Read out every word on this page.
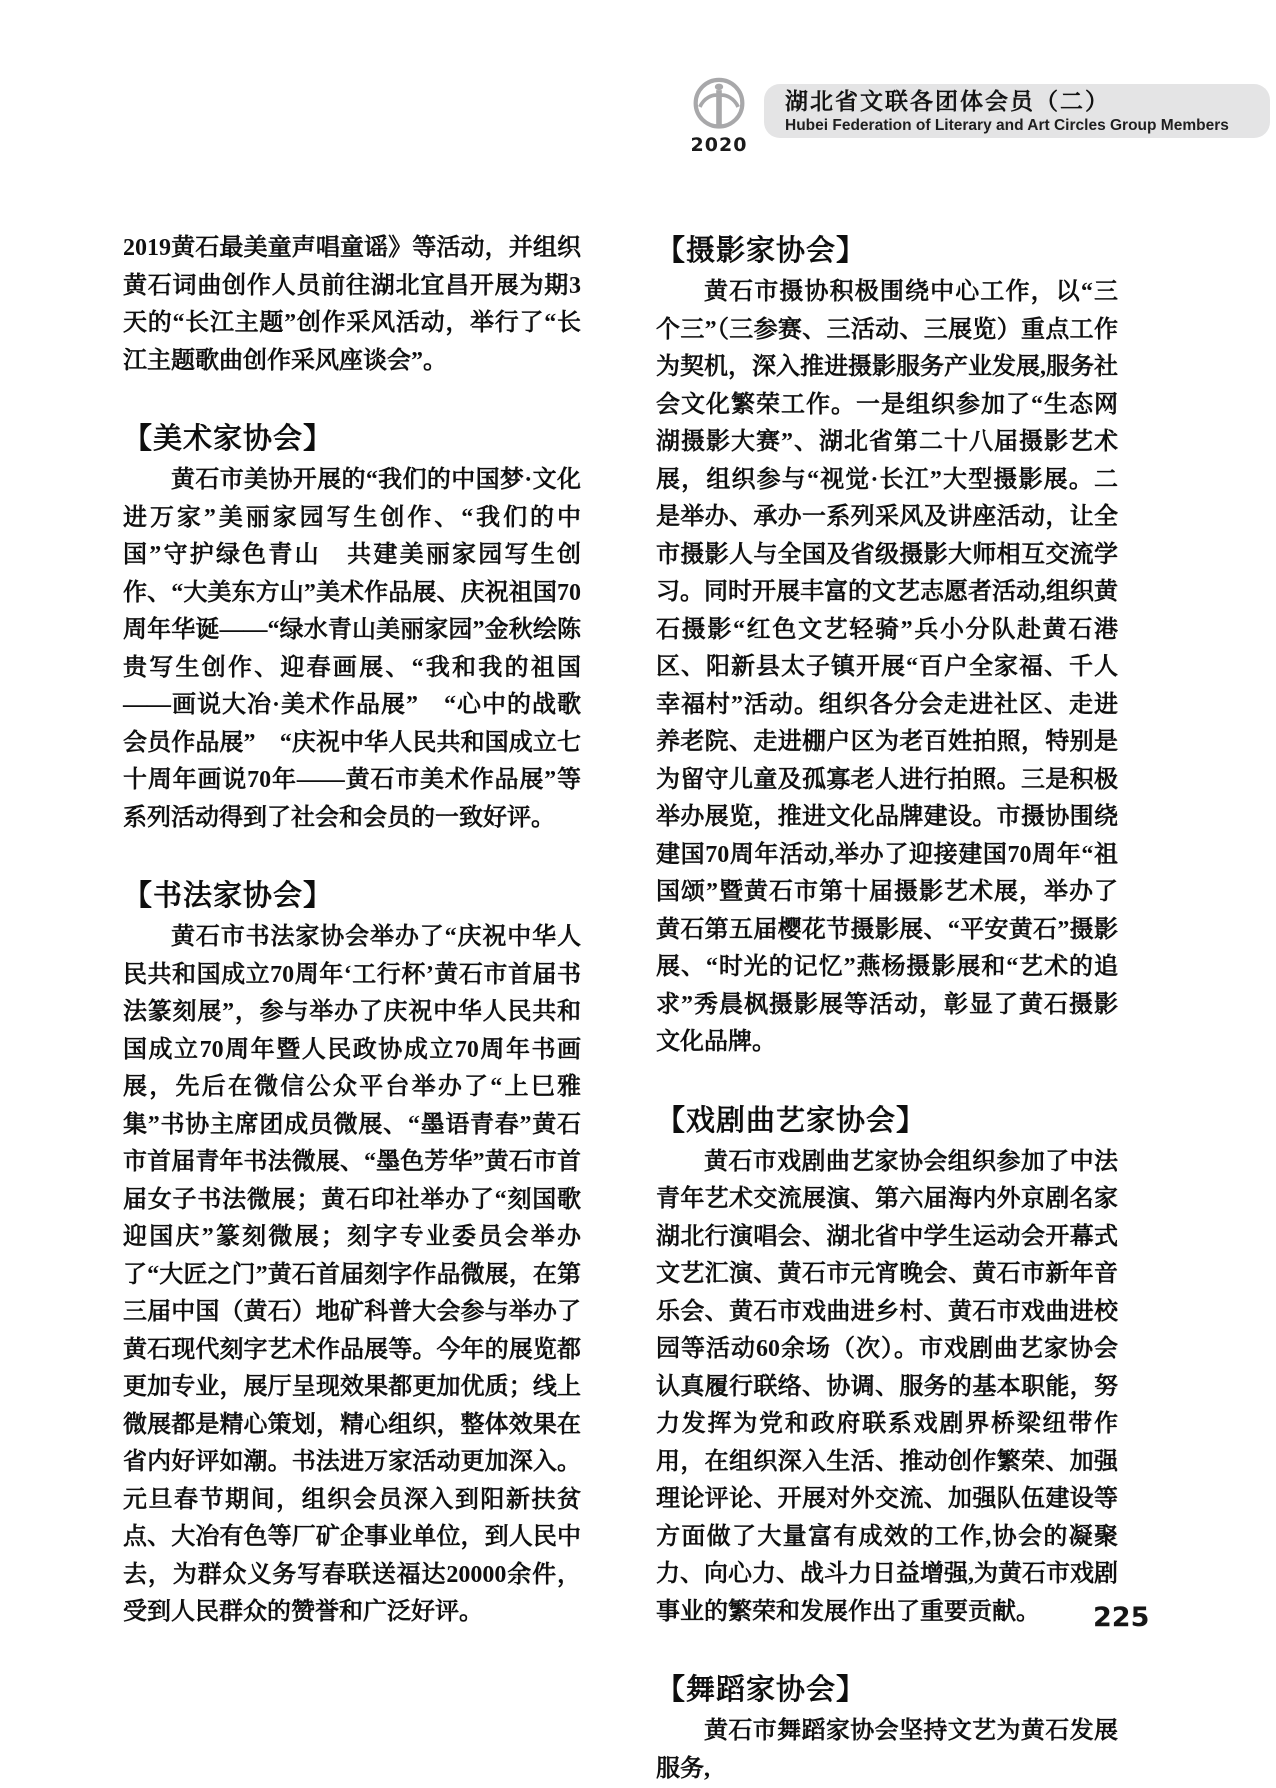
2020
湖北省文联各团体会员（二）
Hubei Federation of Literary and Art Circles Group Members

2019黄石最美童声唱童谣》等活动，并组织黄石词曲创作人员前往湖北宜昌开展为期3天的“长江主题”创作采风活动，举行了“长江主题歌曲创作采风座谈会”。

【美术家协会】

黄石市美协开展的“我们的中国梦·文化进万家”美丽家园写生创作、“我们的中国”守护绿色青山　共建美丽家园写生创作、“大美东方山”美术作品展、庆祝祖国70周年华诞——“绿水青山美丽家园”金秋绘陈贵写生创作、迎春画展、“我和我的祖国——画说大冶·美术作品展”　“心中的战歌会员作品展”　“庆祝中华人民共和国成立七十周年画说70年——黄石市美术作品展”等系列活动得到了社会和会员的一致好评。

【书法家协会】

黄石市书法家协会举办了“庆祝中华人民共和国成立70周年‘工行杯’黄石市首届书法篆刻展”，参与举办了庆祝中华人民共和国成立70周年暨人民政协成立70周年书画展，先后在微信公众平台举办了“上巳雅集”书协主席团成员微展、“墨语青春”黄石市首届青年书法微展、“墨色芳华”黄石市首届女子书法微展；黄石印社举办了“刻国歌迎国庆”篆刻微展；刻字专业委员会举办了“大匠之门”黄石首届刻字作品微展，在第三届中国（黄石）地矿科普大会参与举办了黄石现代刻字艺术作品展等。今年的展览都更加专业，展厅呈现效果都更加优质；线上微展都是精心策划，精心组织，整体效果在省内好评如潮。书法进万家活动更加深入。元旦春节期间，组织会员深入到阳新扶贫点、大冶有色等厂矿企事业单位，到人民中去，为群众义务写春联送福达20000余件，受到人民群众的赞誉和广泛好评。

【摄影家协会】

黄石市摄协积极围绕中心工作，以“三个三”（三参赛、三活动、三展览）重点工作为契机，深入推进摄影服务产业发展,服务社会文化繁荣工作。一是组织参加了“生态网湖摄影大赛”、湖北省第二十八届摄影艺术展，组织参与“视觉·长江”大型摄影展。二是举办、承办一系列采风及讲座活动，让全市摄影人与全国及省级摄影大师相互交流学习。同时开展丰富的文艺志愿者活动,组织黄石摄影“红色文艺轻骑”兵小分队赴黄石港区、阳新县太子镇开展“百户全家福、千人幸福村”活动。组织各分会走进社区、走进养老院、走进棚户区为老百姓拍照，特别是为留守儿童及孤寡老人进行拍照。三是积极举办展览，推进文化品牌建设。市摄协围绕建国70周年活动,举办了迎接建国70周年“祖国颂”暨黄石市第十届摄影艺术展，举办了黄石第五届樱花节摄影展、“平安黄石”摄影展、“时光的记忆”燕杨摄影展和“艺术的追求”秀晨枫摄影展等活动，彰显了黄石摄影文化品牌。

【戏剧曲艺家协会】

黄石市戏剧曲艺家协会组织参加了中法青年艺术交流展演、第六届海内外京剧名家湖北行演唱会、湖北省中学生运动会开幕式文艺汇演、黄石市元宵晚会、黄石市新年音乐会、黄石市戏曲进乡村、黄石市戏曲进校园等活动60余场（次）。市戏剧曲艺家协会认真履行联络、协调、服务的基本职能，努力发挥为党和政府联系戏剧界桥梁纽带作用，在组织深入生活、推动创作繁荣、加强理论评论、开展对外交流、加强队伍建设等方面做了大量富有成效的工作,协会的凝聚力、向心力、战斗力日益增强,为黄石市戏剧事业的繁荣和发展作出了重要贡献。

【舞蹈家协会】

黄石市舞蹈家协会坚持文艺为黄石发展服务,

225
